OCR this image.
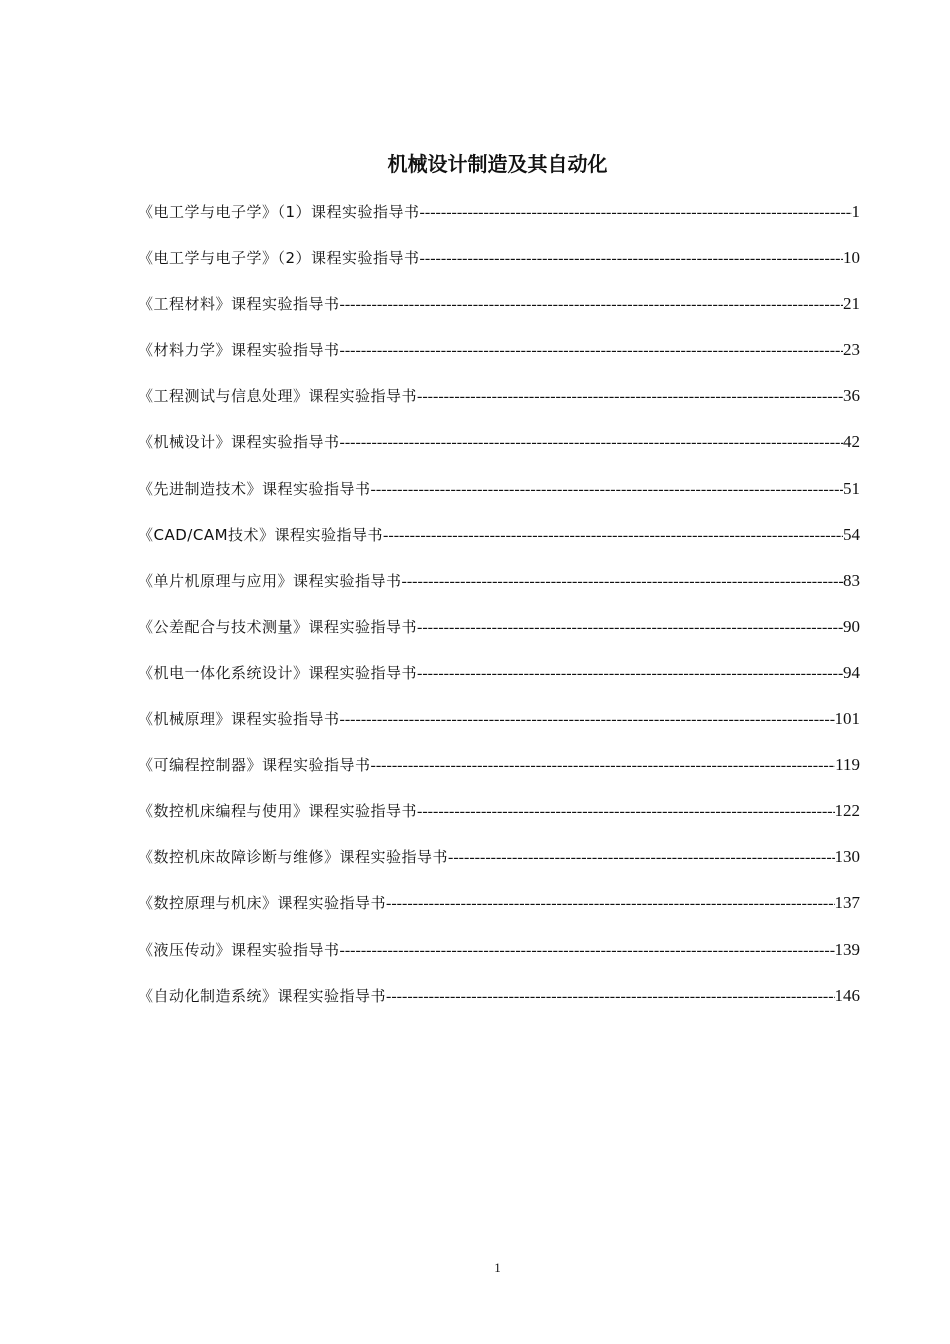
机械设计制造及其自动化
《电工学与电子学》（1）课程实验指导书 -----	1
《电工学与电子学》（2）课程实验指导书 -----	10
《工程材料》课程实验指导书 -----	21
《材料力学》课程实验指导书 -----	23
《工程测试与信息处理》课程实验指导书 -----	36
《机械设计》课程实验指导书 -----	42
《先进制造技术》课程实验指导书 -----	51
《CAD/CAM技术》课程实验指导书 -----	54
《单片机原理与应用》课程实验指导书 -----	83
《公差配合与技术测量》课程实验指导书 -----	90
《机电一体化系统设计》课程实验指导书 -----	94
《机械原理》课程实验指导书 -----	101
《可编程控制器》课程实验指导书 -----	119
《数控机床编程与使用》课程实验指导书 -----	122
《数控机床故障诊断与维修》课程实验指导书 -----	130
《数控原理与机床》课程实验指导书 -----	137
《液压传动》课程实验指导书 -----	139
《自动化制造系统》课程实验指导书 -----	146
1
